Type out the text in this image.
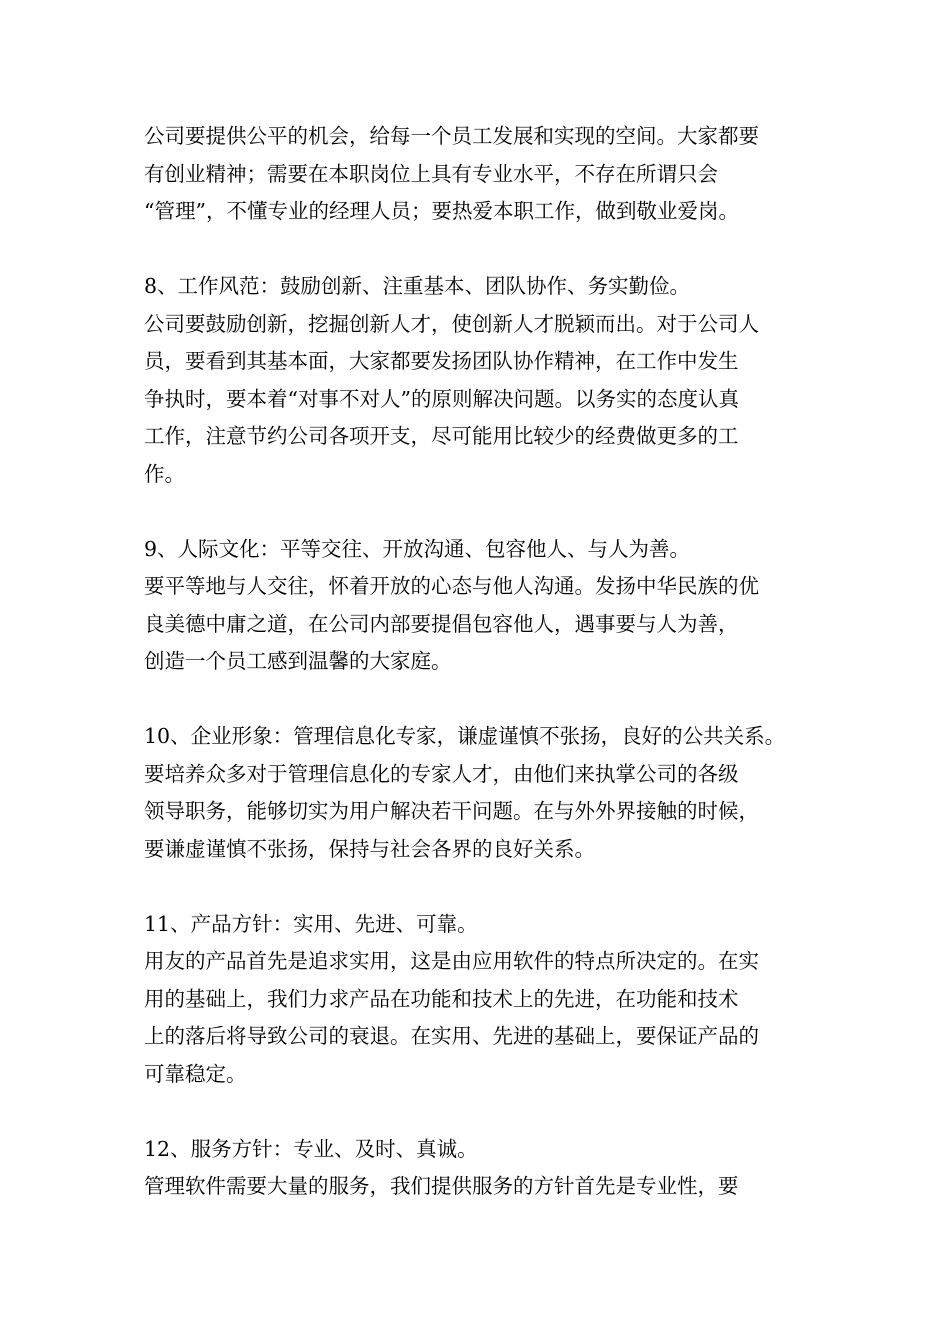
公司要提供公平的机会，给每一个员工发展和实现的空间。大家都要
有创业精神；需要在本职岗位上具有专业水平，不存在所谓只会
“管理”，不懂专业的经理人员；要热爱本职工作，做到敬业爱岗。
8、工作风范：鼓励创新、注重基本、团队协作、务实勤俭。
公司要鼓励创新，挖掘创新人才，使创新人才脱颖而出。对于公司人
员，要看到其基本面，大家都要发扬团队协作精神，在工作中发生
争执时，要本着“对事不对人”的原则解决问题。以务实的态度认真
工作，注意节约公司各项开支，尽可能用比较少的经费做更多的工
作。
9、人际文化：平等交往、开放沟通、包容他人、与人为善。
要平等地与人交往，怀着开放的心态与他人沟通。发扬中华民族的优
良美德中庸之道，在公司内部要提倡包容他人，遇事要与人为善，
创造一个员工感到温馨的大家庭。
10、企业形象：管理信息化专家，谦虚谨慎不张扬，良好的公共关系。
要培养众多对于管理信息化的专家人才，由他们来执掌公司的各级
领导职务，能够切实为用户解决若干问题。在与外外界接触的时候，
要谦虚谨慎不张扬，保持与社会各界的良好关系。
11、产品方针：实用、先进、可靠。
用友的产品首先是追求实用，这是由应用软件的特点所决定的。在实
用的基础上，我们力求产品在功能和技术上的先进，在功能和技术
上的落后将导致公司的衰退。在实用、先进的基础上，要保证产品的
可靠稳定。
12、服务方针：专业、及时、真诚。
管理软件需要大量的服务，我们提供服务的方针首先是专业性，要
